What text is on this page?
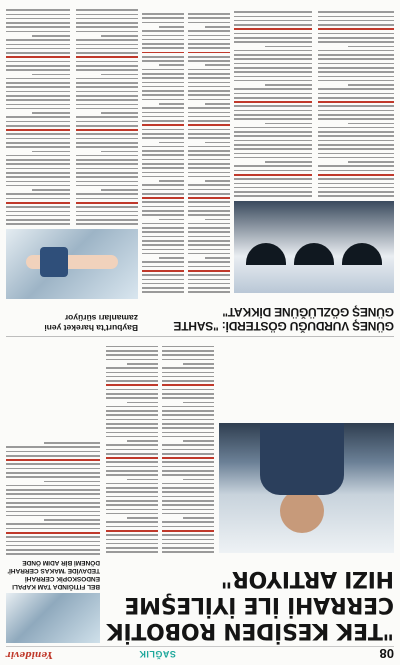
08
SAĞLIK
Yenidevir
"TEK KESİDEN ROBOTİK CERRAHİ İLE İYİLEŞME HIZI ARTIYOR"
BEL FITIĞINDA TAM KAPALI ENDOSKOPİK CERRAHİ TEDAVİDE 'MAKAS CERRAHİ' DÖNEMİ BİR ADIM ÖNDE
GÜNEŞ VURDUĞU GÖSTERDİ: "SAHTE GÜNEŞ GÖZLÜĞÜNE DİKKAT"
Bayburt'ta hareket yeni zamanları sürüyor
